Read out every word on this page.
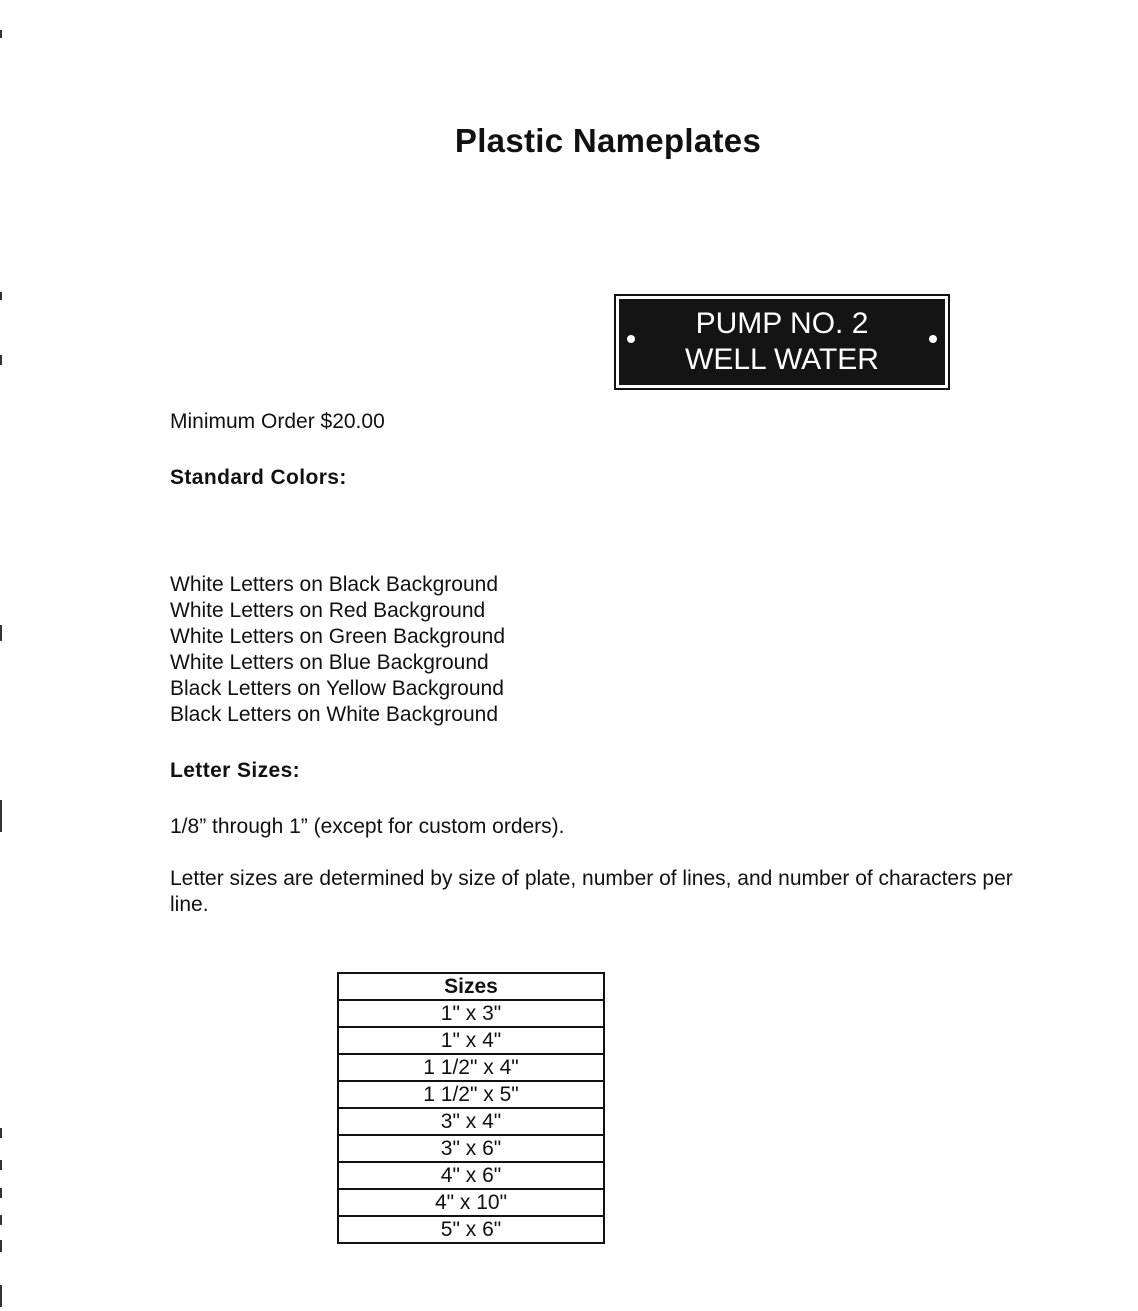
Plastic Nameplates
PUMP NO. 2
WELL WATER
Minimum Order $20.00
Standard Colors:
White Letters on Black Background
White Letters on Red Background
White Letters on Green Background
White Letters on Blue Background
Black Letters on Yellow Background
Black Letters on White Background
Letter Sizes:
1/8” through 1” (except for custom orders).
Letter sizes are determined by size of plate, number of lines, and number of characters per line.
Sizes
1" x 3"
1" x 4"
1 1/2" x 4"
1 1/2" x 5"
3" x 4"
3" x 6"
4" x 6"
4" x 10"
5" x 6"
